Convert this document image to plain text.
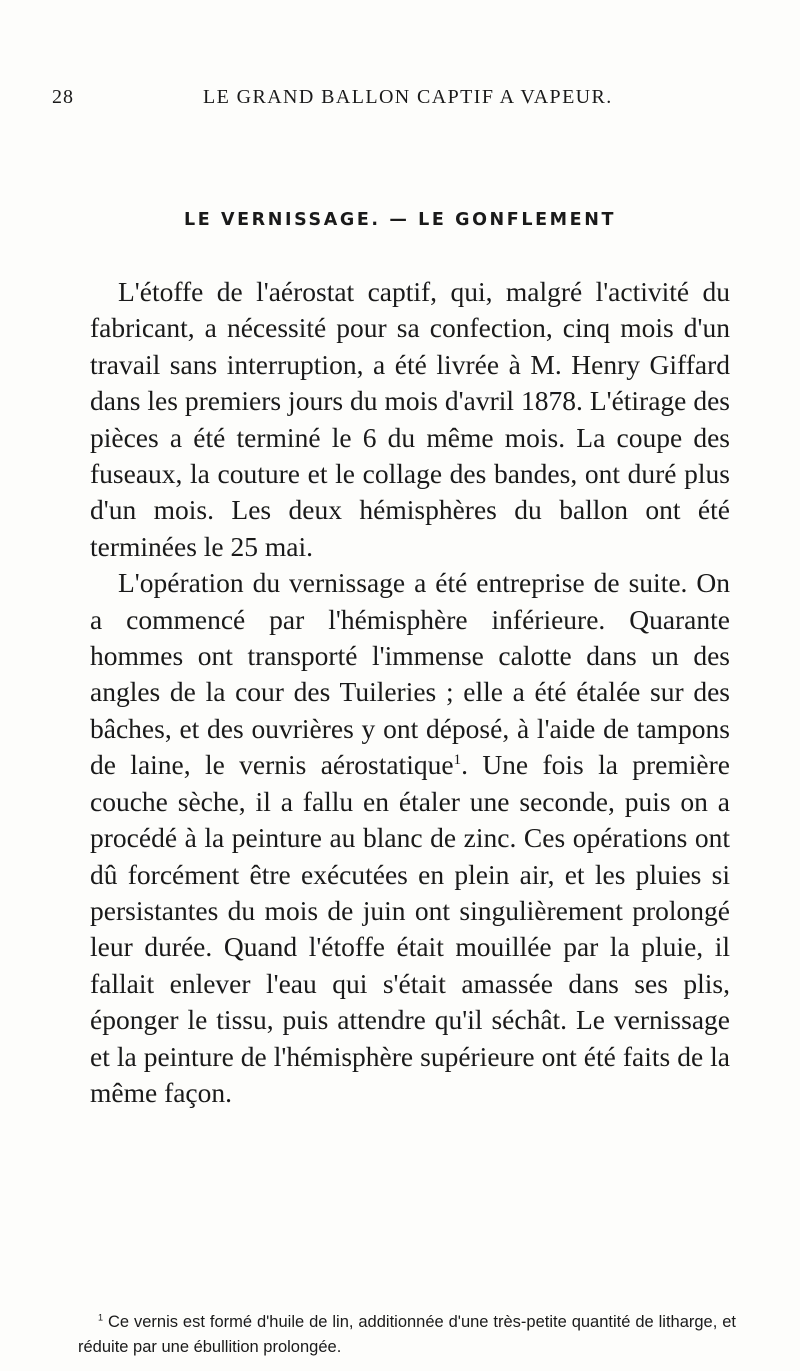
28	LE GRAND BALLON CAPTIF A VAPEUR.
LE VERNISSAGE. — LE GONFLEMENT

L'étoffe de l'aérostat captif, qui, malgré l'activité du fabricant, a nécessité pour sa confection, cinq mois d'un travail sans interruption, a été livrée à M. Henry Giffard dans les premiers jours du mois d'avril 1878. L'étirage des pièces a été terminé le 6 du même mois. La coupe des fuseaux, la couture et le collage des bandes, ont duré plus d'un mois. Les deux hémisphères du ballon ont été terminées le 25 mai.

L'opération du vernissage a été entreprise de suite. On a commencé par l'hémisphère inférieure. Quarante hommes ont transporté l'immense calotte dans un des angles de la cour des Tuileries ; elle a été étalée sur des bâches, et des ouvrières y ont déposé, à l'aide de tampons de laine, le vernis aérostatique$^1$. Une fois la première couche sèche, il a fallu en étaler une seconde, puis on a procédé à la peinture au blanc de zinc. Ces opérations ont dû forcément être exécutées en plein air, et les pluies si persistantes du mois de juin ont singulièrement prolongé leur durée. Quand l'étoffe était mouillée par la pluie, il fallait enlever l'eau qui s'était amassée dans ses plis, éponger le tissu, puis attendre qu'il séchât. Le vernissage et la peinture de l'hémisphère supérieure ont été faits de la même façon.

$^1$ Ce vernis est formé d'huile de lin, additionnée d'une très-petite quantité de litharge, et réduite par une ébullition prolongée.
